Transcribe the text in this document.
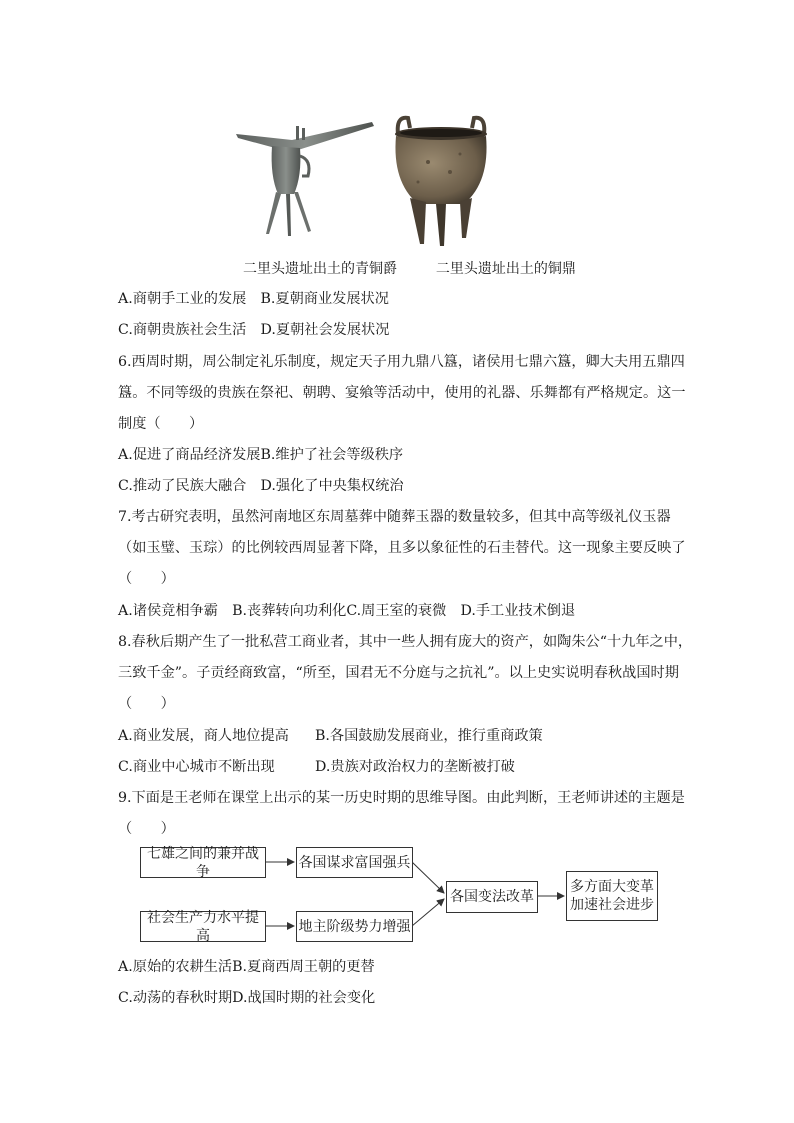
二里头遗址出土的青铜爵	二里头遗址出土的铜鼎
A.商朝手工业的发展　B.夏朝商业发展状况
C.商朝贵族社会生活　D.夏朝社会发展状况
6.西周时期，周公制定礼乐制度，规定天子用九鼎八簋，诸侯用七鼎六簋，卿大夫用五鼎四
簋。不同等级的贵族在祭祀、朝聘、宴飨等活动中，使用的礼器、乐舞都有严格规定。这一
制度（　　）
A.促进了商品经济发展B.维护了社会等级秩序
C.推动了民族大融合　D.强化了中央集权统治
7.考古研究表明，虽然河南地区东周墓葬中随葬玉器的数量较多，但其中高等级礼仪玉器
（如玉璧、玉琮）的比例较西周显著下降，且多以象征性的石圭替代。这一现象主要反映了
（　　）
A.诸侯竞相争霸　B.丧葬转向功利化C.周王室的衰微　D.手工业技术倒退
8.春秋后期产生了一批私营工商业者，其中一些人拥有庞大的资产，如陶朱公“十九年之中，
三致千金”。子贡经商致富，“所至，国君无不分庭与之抗礼”。以上史实说明春秋战国时期
（　　）
A.商业发展，商人地位提高 B.各国鼓励发展商业，推行重商政策
C.商业中心城市不断出现	D.贵族对政治权力的垄断被打破
9.下面是王老师在课堂上出示的某一历史时期的思维导图。由此判断，王老师讲述的主题是
（　　）
七雄之间的兼并战争
各国谋求富国强兵
社会生产力水平提高
地主阶级势力增强
各国变法改革
多方面大变革
加速社会进步
A.原始的农耕生活B.夏商西周王朝的更替
C.动荡的春秋时期D.战国时期的社会变化
